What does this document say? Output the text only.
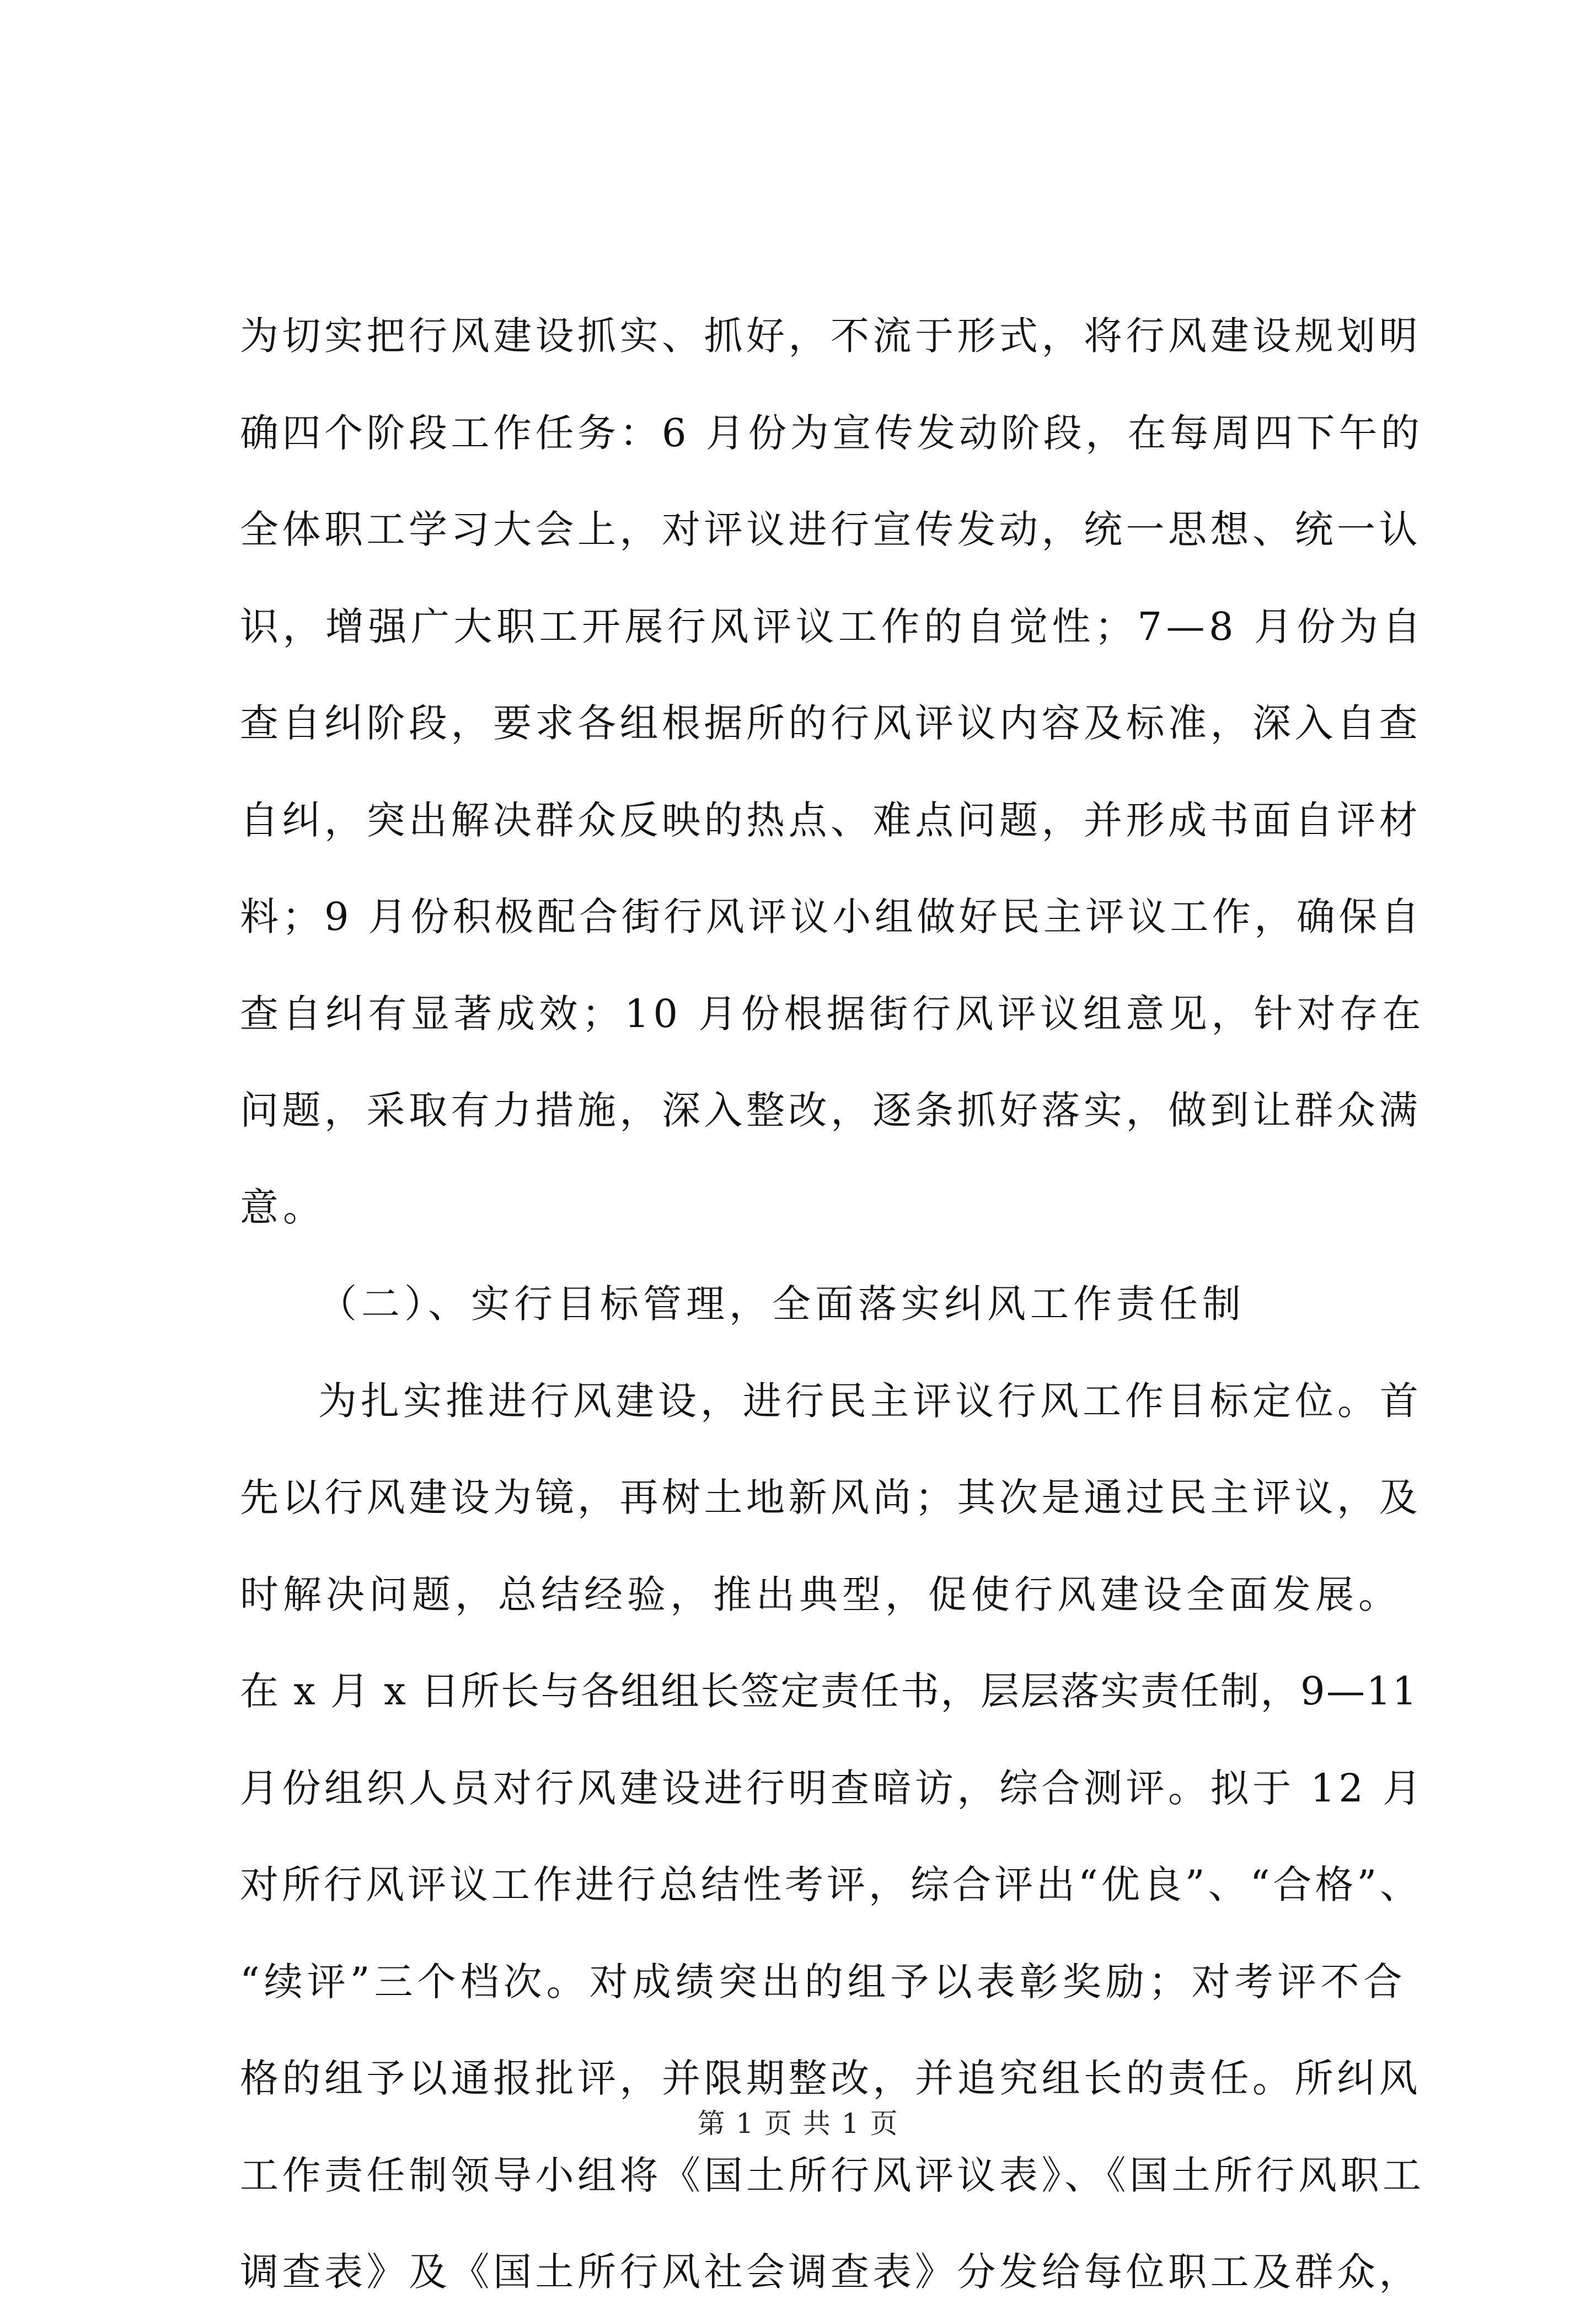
为切实把行风建设抓实、抓好，不流于形式，将行风建设规划明
确四个阶段工作任务：6 月份为宣传发动阶段，在每周四下午的
全体职工学习大会上，对评议进行宣传发动，统一思想、统一认
识，增强广大职工开展行风评议工作的自觉性；7—8 月份为自
查自纠阶段，要求各组根据所的行风评议内容及标准，深入自查
自纠，突出解决群众反映的热点、难点问题，并形成书面自评材
料；9 月份积极配合街行风评议小组做好民主评议工作，确保自
查自纠有显著成效；10 月份根据街行风评议组意见，针对存在
问题，采取有力措施，深入整改，逐条抓好落实，做到让群众满
意。
（二）、实行目标管理，全面落实纠风工作责任制
为扎实推进行风建设，进行民主评议行风工作目标定位。首
先以行风建设为镜，再树土地新风尚；其次是通过民主评议，及
时解决问题，总结经验，推出典型，促使行风建设全面发展。
在 x 月 x 日所长与各组组长签定责任书，层层落实责任制，9—11
月份组织人员对行风建设进行明查暗访，综合测评。拟于 12 月
对所行风评议工作进行总结性考评，综合评出“优良”、“合格”、
“续评”三个档次。对成绩突出的组予以表彰奖励；对考评不合
格的组予以通报批评，并限期整改，并追究组长的责任。所纠风
工作责任制领导小组将《国土所行风评议表》、《国土所行风职工
调查表》及《国土所行风社会调查表》分发给每位职工及群众，
第 1 页 共 1 页
